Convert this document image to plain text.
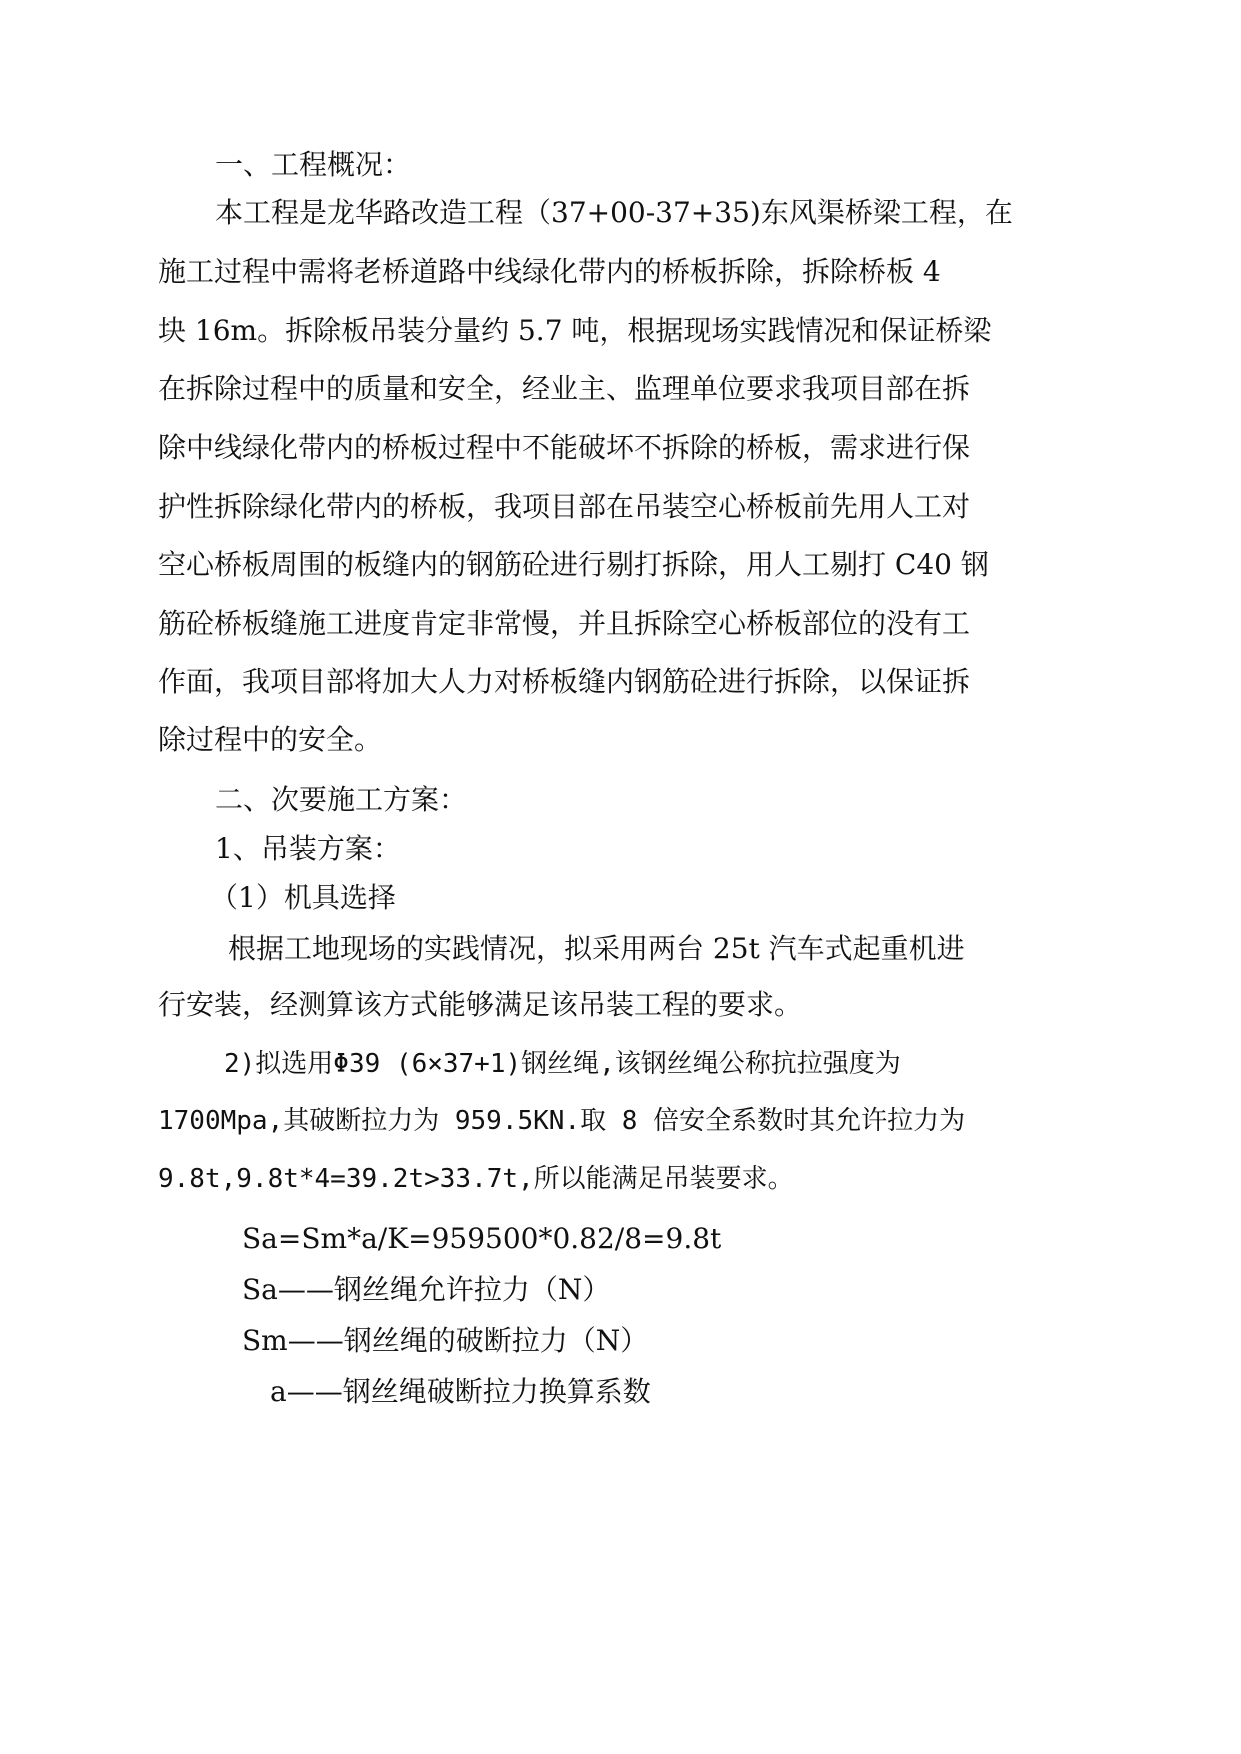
一、工程概况：

本工程是龙华路改造工程（37+00-37+35)东风渠桥梁工程，在

施工过程中需将老桥道路中线绿化带内的桥板拆除，拆除桥板 4

块 16m。拆除板吊装分量约 5.7 吨，根据现场实践情况和保证桥梁

在拆除过程中的质量和安全，经业主、监理单位要求我项目部在拆

除中线绿化带内的桥板过程中不能破坏不拆除的桥板，需求进行保

护性拆除绿化带内的桥板，我项目部在吊装空心桥板前先用人工对

空心桥板周围的板缝内的钢筋砼进行剔打拆除，用人工剔打 C40 钢

筋砼桥板缝施工进度肯定非常慢，并且拆除空心桥板部位的没有工

作面，我项目部将加大人力对桥板缝内钢筋砼进行拆除，以保证拆

除过程中的安全。

二、次要施工方案：

1、吊装方案：

（1）机具选择

根据工地现场的实践情况，拟采用两台 25t 汽车式起重机进

行安装，经测算该方式能够满足该吊装工程的要求。

2)拟选用Φ39 (6×37+1)钢丝绳,该钢丝绳公称抗拉强度为

1700Mpa,其破断拉力为 959.5KN.取 8 倍安全系数时其允许拉力为

9.8t,9.8t*4=39.2t>33.7t,所以能满足吊装要求。

Sa=Sm*a/K=959500*0.82/8=9.8t

Sa——钢丝绳允许拉力（N）

Sm——钢丝绳的破断拉力（N）

a——钢丝绳破断拉力换算系数
